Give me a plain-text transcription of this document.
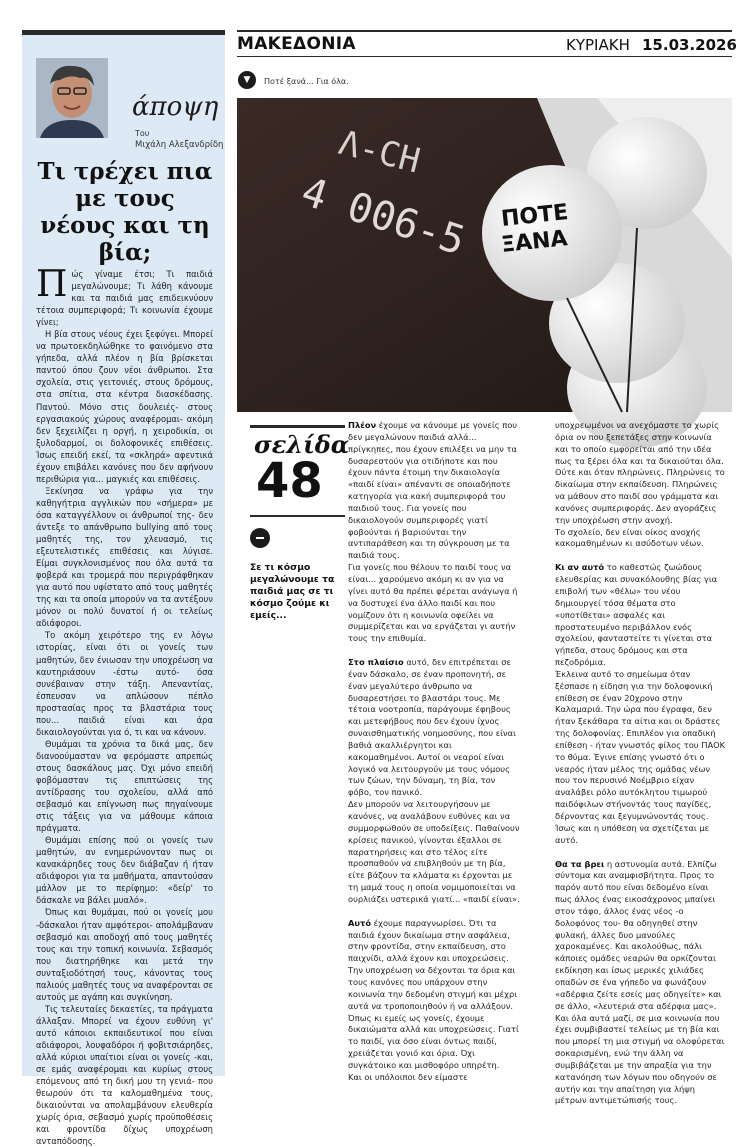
άποψη
Του
Μιχάλη Αλεξανδρίδη
Τι τρέχει πια με τους νέους και τη βία;

Πώς γίναμε έτσι; Τι παιδιά μεγαλώνουμε; Τι λάθη κάνουμε και τα παιδιά μας επιδεικνύουν τέτοια συμπεριφορά; Τι κοινωνία έχουμε γίνει;

Η βία στους νέους έχει ξεφύγει. Μπορεί να πρωτοεκδηλώθηκε το φαινόμενο στα γήπεδα, αλλά πλέον η βία βρίσκεται παντού όπου ζουν νέοι άνθρωποι. Στα σχολεία, στις γειτονιές, στους δρόμους, στα σπίτια, στα κέντρα διασκέδασης. Παντού. Μόνο στις δουλειές- στους εργασιακούς χώρους αναφέρομαι- ακόμη δεν ξεχειλίζει η οργή, η χειροδικία, οι ξυλοδαρμοί, οι δολοφονικές επιθέσεις. Ίσως επειδή εκεί, τα «σκληρά» αφεντικά έχουν επιβάλει κανόνες που δεν αφήνουν περιθώρια για... μαγκιές και επιθέσεις.

Ξεκίνησα να γράφω για την καθηγήτρια αγγλικών που «σήμερα» με όσα καταγγέλλουν οι άνθρωποί της- δεν άντεξε το απάνθρωπο bullying από τους μαθητές της, τον χλευασμό, τις εξευτελιστικές επιθέσεις και λύγισε. Είμαι συγκλονισμένος που όλα αυτά τα φοβερά και τρομερά που περιγράφθηκαν για αυτό που υφίστατο από τους μαθητές της και τα οποία μπορούν να τα αντέξουν μόνον οι πολύ δυνατοί ή οι τελείως αδιάφοροι.

Το ακόμη χειρότερο της εν λόγω ιστορίας, είναι ότι οι γονείς των μαθητών, δεν ένιωσαν την υποχρέωση να καυτηριάσουν -έστω αυτό- όσα συνέβαιναν στην τάξη. Απεναντίας, έσπευσαν να απλώσουν πέπλο προστασίας προς τα βλαστάρια τους που... παιδιά είναι και άρα δικαιολογούνται για ό, τι και να κάνουν.

Θυμάμαι τα χρόνια τα δικά μας, δεν διανοούμασταν να φερόμαστε απρεπώς στους δασκάλους μας. Όχι μόνο επειδή φοβόμασταν τις επιπτώσεις της αντίδρασης του σχολείου, αλλά από σεβασμό και επίγνωση πως πηγαίνουμε στις τάξεις για να μάθουμε κάποια πράγματα.

Θυμάμαι επίσης πού οι γονείς των μαθητών, αν ενημερώνονταν πως οι κανακάρηδες τους δεν διάβαζαν ή ήταν αδιάφοροι για τα μαθήματα, απαντούσαν μάλλον με το περίφημο: «δείρ' το δάσκαλε να βάλει μυαλό».

Όπως και θυμάμαι, πού οι γονείς μου -δάσκαλοι ήταν αμφότεροι- απολάμβαναν σεβασμό και αποδοχή από τους μαθητές τους και την τοπική κοινωνία. Σεβασμός που διατηρήθηκε και μετά την συνταξιοδότησή τους, κάνοντας τους παλιούς μαθητές τους να αναφέρονται σε αυτούς με αγάπη και συγκίνηση.

Τις τελευταίες δεκαετίες, τα πράγματα άλλαξαν. Μπορεί να έχουν ευθύνη γι' αυτό κάποιοι εκπαιδευτικοί που είναι αδιάφοροι, λουφαδόροι ή φοβιτσιάρηδες, αλλά κύριοι υπαίτιοι είναι οι γονείς -και, σε εμάς αναφέρομαι και κυρίως στους επόμενους από τη δική μου τη γενιά- που θεωρούν ότι τα καλομαθημένα τους, δικαιούνται να απολαμβάνουν ελευθερία χωρίς όρια, σεβασμό χωρίς προϋποθέσεις και φροντίδα δίχως υποχρέωση ανταπόδοσης.

ΜΑΚΕΔΟΝΙΑ	ΚΥΡΙΑΚΗ 15.03.2026
▼	Ποτέ ξανά... Για όλα.
Λ-CH
4 006-5 ΠΟΤΕ
ΞΑΝΑ
σελίδα
48
Σε τι κόσμο μεγαλώνουμε τα παιδιά μας σε τι κόσμο ζούμε κι εμείς...

Πλέον έχουμε να κάνουμε με γονείς που δεν μεγαλώνουν παιδιά αλλά... πρίγκηπες, που έχουν επιλέξει να μην τα δυσαρεστούν για οτιδήποτε και που έχουν πάντα έτοιμη την δικαιολογία «παιδί είναι» απέναντι σε οποιαδήποτε κατηγορία για κακή συμπεριφορά του παιδιού τους. Για γονείς που δικαιολογούν συμπεριφορές γιατί φοβούνται ή βαριούνται την αντιπαράθεση και τη σύγκρουση με τα παιδιά τους.

Για γονείς που θέλουν το παιδί τους να είναι... χαρούμενο ακόμη κι αν για να γίνει αυτό θα πρέπει φέρεται ανάγωγα ή να δυστυχεί ένα άλλο παιδί και που νομίζουν ότι η κοινωνία οφείλει να συμμερίζεται και να εργάζεται γι αυτήν τους την επιθυμία.

Στο πλαίσιο αυτό, δεν επιτρέπεται σε έναν δάσκαλο, σε έναν προπονητή, σε έναν μεγαλύτερο άνθρωπο να δυσαρεστήσει το βλαστάρι τους. Με τέτοια νοοτροπία, παράγουμε έφηβους και μετεφήβους που δεν έχουν ίχνος συναισθηματικής νοημοσύνης, που είναι βαθιά ακαλλιέργητοι και κακομαθημένοι. Αυτοί οι νεαροί είναι λογικό να λειτουργούν με τους νόμους των ζώων, την δύναμη, τη βία, τον φόβο, τον πανικό.

Δεν μπορούν να λειτουργήσουν με κανόνες, να αναλάβουν ευθύνες και να συμμορφωθούν σε υποδείξεις. Παθαίνουν κρίσεις πανικού, γίνονται έξαλλοι σε παρατηρήσεις και στο τέλος είτε προσπαθούν να επιβληθούν με τη βία, είτε βάζουν τα κλάματα κι έρχονται με τη μαμά τους η οποία νομιμοποιείται να ουρλιάζει υστερικά γιατί... «παιδί είναι».

Αυτό έχουμε παραγνωρίσει. Ότι τα παιδιά έχουν δικαίωμα στην ασφάλεια, στην φροντίδα, στην εκπαίδευση, στο παιχνίδι, αλλά έχουν και υποχρεώσεις. Την υποχρέωση να δέχονται τα όρια και τους κανόνες που υπάρχουν στην κοινωνία την δεδομένη στιγμή και μέχρι αυτά να τροποποιηθούν ή να αλλάξουν. Όπως κι εμείς ως γονείς, έχουμε δικαιώματα αλλά και υποχρεώσεις. Γιατί το παιδί, για όσο είναι όντως παιδί, χρειάζεται γονιό και όρια. Όχι συγκάτοικο και μισθοφόρο υπηρέτη.

Και οι υπόλοιποι δεν είμαστε

υποχρεωμένοι να ανεχόμαστε το χωρίς όρια ον που ξεπετάξες στην κοινωνία και το οποίο εμφορείται από την ιδέα πως τα ξέρει όλα και τα δικαιούται όλα. Ούτε και όταν πληρώνεις. Πληρώνεις το δικαίωμα στην εκπαίδευση. Πληρώνεις να μάθουν στο παιδί σου γράμματα και κανόνες συμπεριφοράς. Δεν αγοράζεις την υποχρέωση στην ανοχή.

Το σχολείο, δεν είναι οίκος ανοχής κακομαθημένων κι ασύδοτων νέων.

Κι αν αυτό το καθεστώς ζωώδους ελευθερίας και συνακόλουθης βίας για επιβολή των «θέλω» του νέου δημιουργεί τόσα θέματα στο «υποτίθεται» ασφαλές και προστατευμένο περιβάλλον ενός σχολείου, φανταστείτε τι γίνεται στα γήπεδα, στους δρόμους και στα πεζοδρόμια.

Έκλεινα αυτό το σημείωμα όταν ξέσπασε η είδηση για την δολοφονική επίθεση σε έναν 20χρονο στην Καλαμαριά. Την ώρα που έγραφα, δεν ήταν ξεκάθαρα τα αίτια και οι δράστες της δολοφονίας. Επιπλέον για οπαδική επίθεση - ήταν γνωστός φίλος του ΠΑΟΚ το θύμα. Έγινε επίσης γνωστό ότι ο νεαρός ήταν μέλος της ομάδας νέων που τον περυσινό Νοέμβριο είχαν αναλάβει ρόλο αυτόκλητου τιμωρού παιδόφιλων στήνοντάς τους παγίδες, δέρνοντας και ξεγυμνώνοντάς τους. Ίσως και η υπόθεση να σχετίζεται με αυτό.

Θα τα βρει η αστυνομία αυτά. Ελπίζω σύντομα και αναμφισβήτητα. Προς το παρόν αυτό που είναι δεδομένο είναι πως άλλος ένας εικοσάχρονος μπαίνει στον τάφο, άλλος ένας νέος -ο δολοφόνος του- θα οδηγηθεί στην φυλακή, άλλες δυο μανούλες χαροκαμένες. Και ακολούθως, πάλι κάποιες ομάδες νεαρών θα ορκίζονται εκδίκηση και ίσως μερικές χιλιάδες οπαδών σε ένα γήπεδο να φωνάζουν «αδέρφια ζείτε εσείς μας οδηγείτε» και σε άλλο, «λευτεριά στα αδέρφια μας».

Και όλα αυτά μαζί, σε μια κοινωνία που έχει συμβιβαστεί τελείως με τη βία και που μπορεί τη μια στιγμή να ολοφύρεται σοκαρισμένη, ενώ την άλλη να συμβιβάζεται με την απραξία για την κατανόηση των λόγων που οδηγούν σε αυτήν και την απαίτηση για λήψη μέτρων αντιμετώπισής τους.
